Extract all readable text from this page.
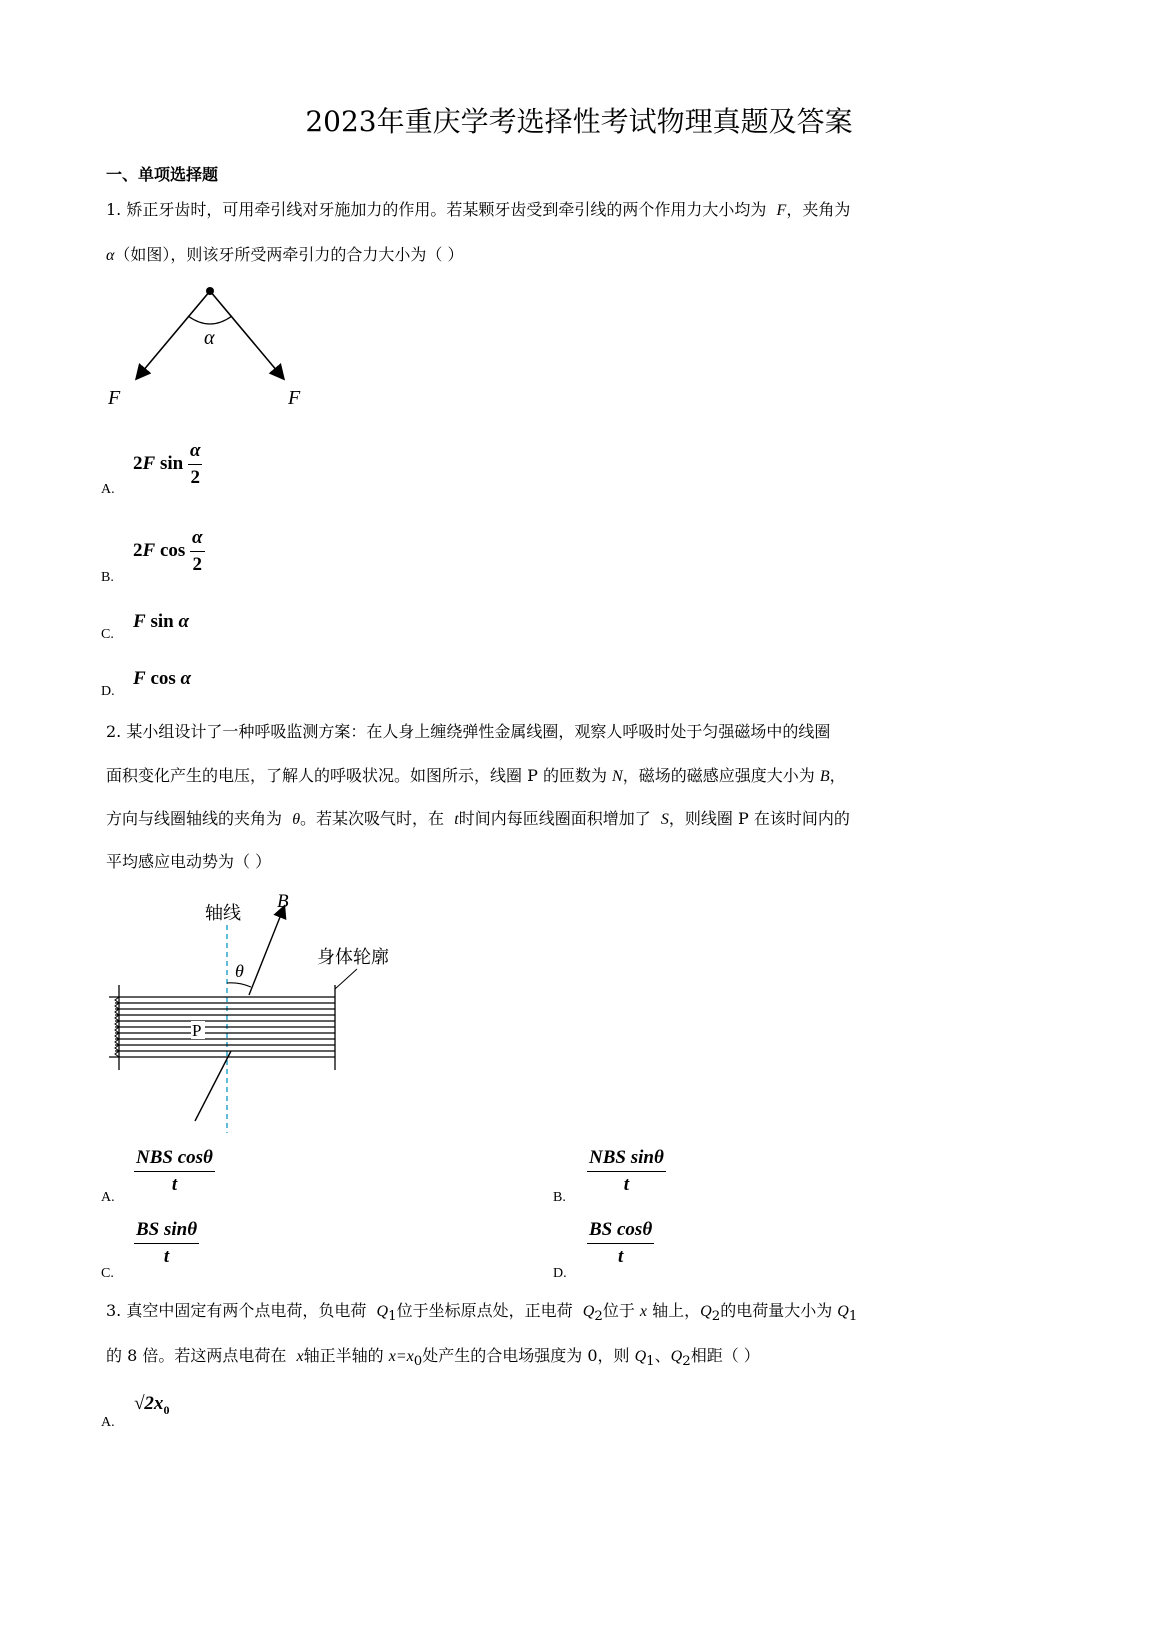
2023年重庆学考选择性考试物理真题及答案
一、单项选择题
1. 矫正牙齿时，可用牵引线对牙施加力的作用。若某颗牙齿受到牵引线的两个作用力大小均为 F，夹角为
α（如图），则该牙所受两牵引力的合力大小为（ ）
α
F	F
A.
2F $\sin \frac{\alpha}{2}$
B.
2F $\cos \frac{\alpha}{2}$
C.
F sin α
D.
F cos α
2. 某小组设计了一种呼吸监测方案：在人身上缠绕弹性金属线圈，观察人呼吸时处于匀强磁场中的线圈
面积变化产生的电压，了解人的呼吸状况。如图所示，线圈 P 的匝数为 N，磁场的磁感应强度大小为 B，
方向与线圈轴线的夹角为 θ。若某次吸气时，在 t时间内每匝线圈面积增加了 S，则线圈 P 在该时间内的
平均感应电动势为（ ）
P
轴线
B
θ
身体轮廓
A.
$\frac{\text{NBS cosθ}}{t}$
B.
$\frac{\text{NBS sinθ}}{t}$
C.
$\frac{\text{BS sinθ}}{t}$
D.
$\frac{\text{BS cosθ}}{t}$
3. 真空中固定有两个点电荷，负电荷 $Q_1$位于坐标原点处，正电荷 $Q_2$位于 x 轴上，$Q_2$的电荷量大小为 $Q_1$
的 8 倍。若这两点电荷在 x轴正半轴的 $x=x_0$处产生的合电场强度为 0，则 $Q_1$、$Q_2$相距（ ）
A.
$√2x_0$
